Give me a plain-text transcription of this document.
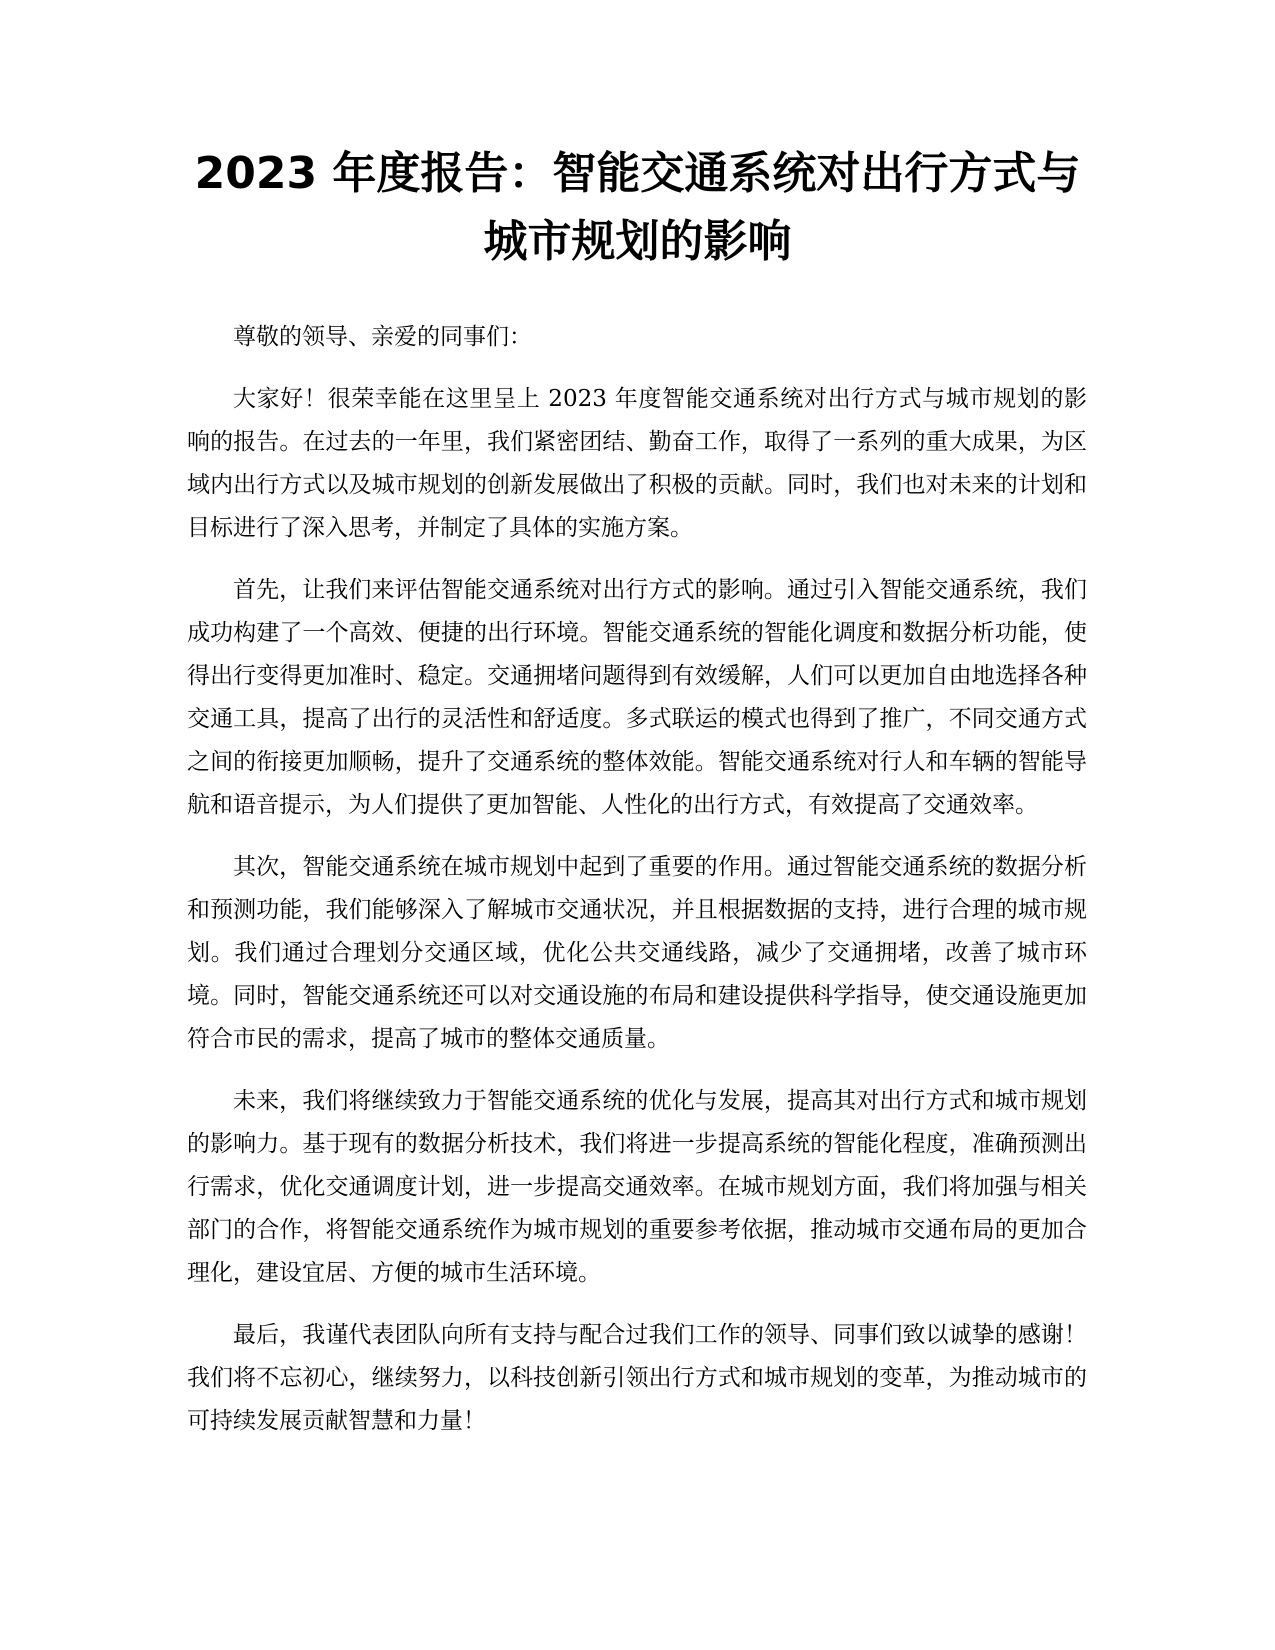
2023 年度报告：智能交通系统对出行方式与
城市规划的影响

尊敬的领导、亲爱的同事们：

大家好！很荣幸能在这里呈上 2023 年度智能交通系统对出行方式与城市规划的影响的报告。在过去的一年里，我们紧密团结、勤奋工作，取得了一系列的重大成果，为区域内出行方式以及城市规划的创新发展做出了积极的贡献。同时，我们也对未来的计划和目标进行了深入思考，并制定了具体的实施方案。

首先，让我们来评估智能交通系统对出行方式的影响。通过引入智能交通系统，我们成功构建了一个高效、便捷的出行环境。智能交通系统的智能化调度和数据分析功能，使得出行变得更加准时、稳定。交通拥堵问题得到有效缓解，人们可以更加自由地选择各种交通工具，提高了出行的灵活性和舒适度。多式联运的模式也得到了推广，不同交通方式之间的衔接更加顺畅，提升了交通系统的整体效能。智能交通系统对行人和车辆的智能导航和语音提示，为人们提供了更加智能、人性化的出行方式，有效提高了交通效率。

其次，智能交通系统在城市规划中起到了重要的作用。通过智能交通系统的数据分析和预测功能，我们能够深入了解城市交通状况，并且根据数据的支持，进行合理的城市规划。我们通过合理划分交通区域，优化公共交通线路，减少了交通拥堵，改善了城市环境。同时，智能交通系统还可以对交通设施的布局和建设提供科学指导，使交通设施更加符合市民的需求，提高了城市的整体交通质量。

未来，我们将继续致力于智能交通系统的优化与发展，提高其对出行方式和城市规划的影响力。基于现有的数据分析技术，我们将进一步提高系统的智能化程度，准确预测出行需求，优化交通调度计划，进一步提高交通效率。在城市规划方面，我们将加强与相关部门的合作，将智能交通系统作为城市规划的重要参考依据，推动城市交通布局的更加合理化，建设宜居、方便的城市生活环境。

最后，我谨代表团队向所有支持与配合过我们工作的领导、同事们致以诚挚的感谢！我们将不忘初心，继续努力，以科技创新引领出行方式和城市规划的变革，为推动城市的可持续发展贡献智慧和力量！
